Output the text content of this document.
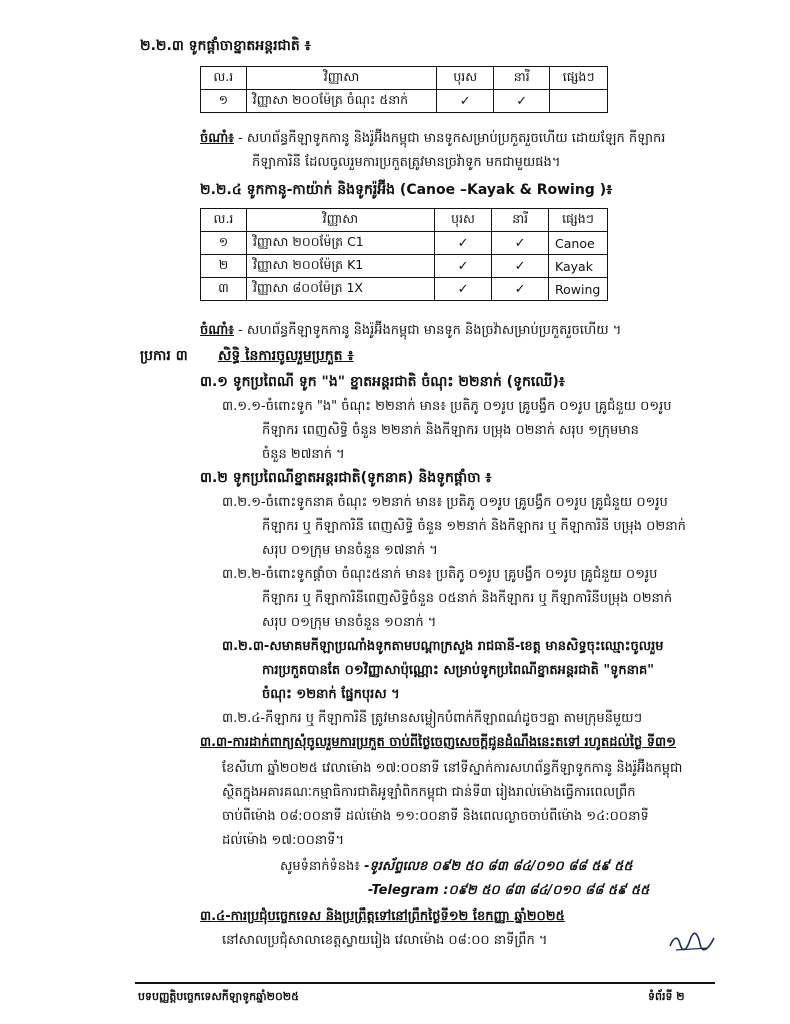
២.២.៣ ទូកផ្ដាំចាខ្នាតអន្តរជាតិ ៖
ល.រ	វិញ្ញាសា	បុរស	នារី	ផ្សេងៗ
១	វិញ្ញាសា ២០០ម៉ែត្រ ចំណុះ ៥នាក់	✓	✓	
ចំណាំ៖ - សហព័ន្ធកីឡាទូកកានូ និងរ៉ូអ៊ីងកម្ពុជា មានទូកសម្រាប់ប្រកួតរួចហើយ ដោយឡែក កីឡាករ
កីឡាការិនី ដែលចូលរួមការប្រកួតត្រូវមានច្រវ៉ាទូក មកជាមួយផង។
២.២.៤ ទូកកានូ-កាយ៉ាក់ និងទូករ៉ូអ៊ីង (Canoe –Kayak & Rowing )៖
ល.រ	វិញ្ញាសា	បុរស	នារី	ផ្សេងៗ
១	វិញ្ញាសា ២០០ម៉ែត្រ C1	✓	✓	Canoe
២	វិញ្ញាសា ២០០ម៉ែត្រ K1	✓	✓	Kayak
៣	វិញ្ញាសា ៨០០ម៉ែត្រ 1X	✓	✓	Rowing
ចំណាំ៖ - សហព័ន្ធកីឡាទូកកានូ និងរ៉ូអ៊ីងកម្ពុជា មានទូក និងច្រវ៉ាសម្រាប់ប្រកួតរួចហើយ ។
ប្រការ ៣ សិទ្ធិ នៃការចូលរួមប្រកួត ៖
៣.១ ទូកប្រពៃណី ទូក "ង" ខ្នាតអន្តរជាតិ ចំណុះ ២២នាក់ (ទូកឈើ)៖
៣.១.១-ចំពោះទូក "ង" ចំណុះ ២២នាក់ មាន៖ ប្រតិភូ ០១រូប គ្រូបង្វឹក ០១រូប គ្រូជំនួយ ០១រូប
កីឡាករ ពេញសិទ្ធិ ចំនួន ២២នាក់ និងកីឡាករ បម្រុង ០២នាក់ សរុប ១ក្រុមមាន
ចំនួន ២៧នាក់ ។
៣.២ ទូកប្រពៃណីខ្នាតអន្តរជាតិ(ទូកនាគ) និងទូកផ្ដាំចា ៖
៣.២.១-ចំពោះទូកនាគ ចំណុះ ១២នាក់ មាន៖ ប្រតិភូ ០១រូប គ្រូបង្វឹក ០១រូប គ្រូជំនួយ ០១រូប
កីឡាករ ឬ កីឡាការិនី ពេញសិទ្ធិ ចំនួន ១២នាក់ និងកីឡាករ ឬ កីឡាការិនី បម្រុង ០២នាក់
សរុប ០១ក្រុម មានចំនួន ១៧នាក់ ។
៣.២.២-ចំពោះទូកផ្ដាំចា ចំណុះ៥នាក់ មាន៖ ប្រតិភូ ០១រូប គ្រូបង្វឹក ០១រូប គ្រូជំនួយ ០១រូប
កីឡាករ ឬ កីឡាការិនីពេញសិទ្ធិចំនួន ០៥នាក់ និងកីឡាករ ឬ កីឡាការិនីបម្រុង ០២នាក់
សរុប ០១ក្រុម មានចំនួន ១០នាក់ ។
៣.២.៣-សមាគមកីឡាប្រណាំងទូកតាមបណ្ដាក្រសួង រាជធានី-ខេត្ត មានសិទ្ធចុះឈ្មោះចូលរួម
ការប្រកួតបានតែ ០១វិញ្ញាសាប៉ុណ្ណោះ សម្រាប់ទូកប្រពៃណីខ្នាតអន្តរជាតិ "ទូកនាគ"
ចំណុះ ១២នាក់ ផ្នែកបុរស ។
៣.២.៤-កីឡាករ ឬ កីឡាការិនី ត្រូវមានសម្លៀកបំពាក់កីឡាពណ៌ដូចៗគ្នា តាមក្រុមនីមួយៗ
៣.៣-ការដាក់ពាក្យសុំចូលរួមការប្រកួត ចាប់ពីថ្ងៃចេញសេចក្តីជូនដំណឹងនេះតទៅ រហូតដល់ថ្ងៃ ទី៣១
ខែសីហា ឆ្នាំ២០២៥ វេលាម៉ោង ១៧:០០នាទី នៅទីស្នាក់ការសហព័ន្ធកីឡាទូកកានូ និងរ៉ូអ៊ីងកម្ពុជា
ស្ថិតក្នុងអគារគណៈកម្មាធិការជាតិអូឡាំពិកកម្ពុជា ជាន់ទី៣ រៀងរាល់ម៉ោងធ្វើការពេលព្រឹក
ចាប់ពីម៉ោង ០៨:០០នាទី ដល់ម៉ោង ១១:០០នាទី និងពេលល្ងាចចាប់ពីម៉ោង ១៤:០០នាទី
ដល់ម៉ោង ១៧:០០នាទី។
សូមទំនាក់ទំនង៖ -ទូរស័ព្ទលេខ ០៩២ ៥០ ៨៣ ៨៤/០១០ ៨៨ ៥៩ ៥៥
-Telegram :០៩២ ៥០ ៨៣ ៨៤/០១០ ៨៨ ៥៩ ៥៥
៣.៤-ការប្រជុំបច្ចេកទេស និងប្រព្រឹត្តទៅនៅព្រឹកថ្ងៃទី១២ ខែកញ្ញា ឆ្នាំ២០២៥
នៅសាលប្រជុំសាលាខេត្តស្វាយរៀង វេលាម៉ោង ០៨:០០ នាទីព្រឹក ។
បទបញ្ញត្តិបច្ចេកទេសកីឡាទូកឆ្នាំ២០២៥	ទំព័រទី ២
